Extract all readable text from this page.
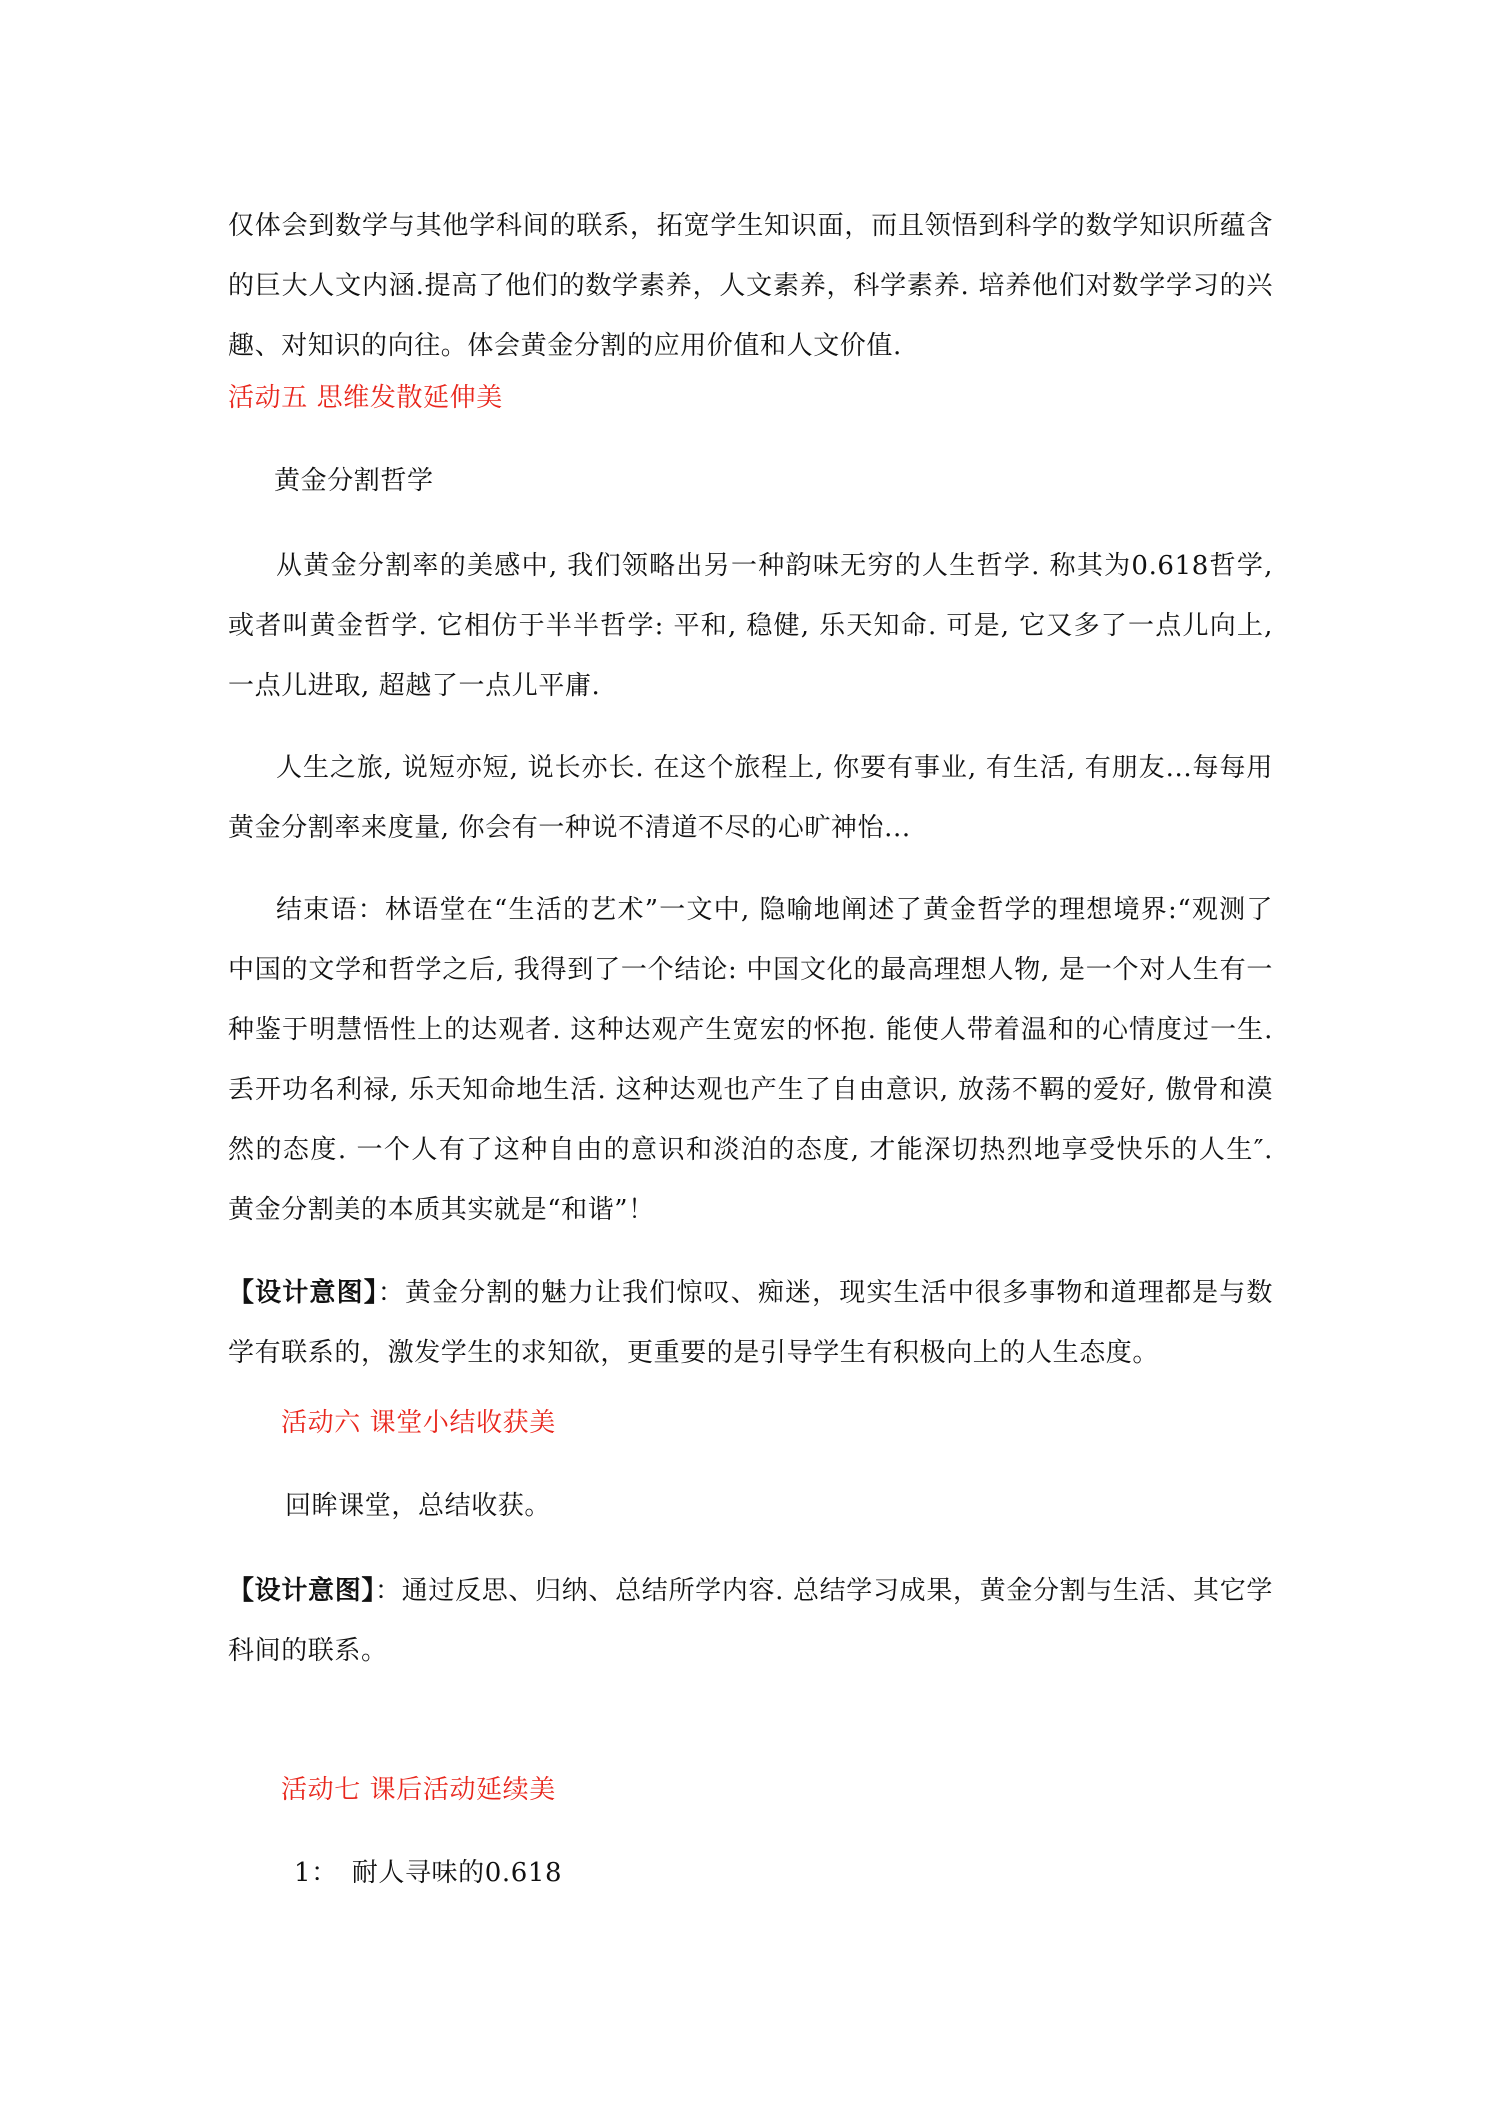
仅体会到数学与其他学科间的联系，拓宽学生知识面，而且领悟到科学的数学知识所蕴含的巨大人文内涵.提高了他们的数学素养，人文素养，科学素养. 培养他们对数学学习的兴趣、对知识的向往。体会黄金分割的应用价值和人文价值.

活动五 思维发散延伸美

黄金分割哲学

从黄金分割率的美感中, 我们领略出另一种韵味无穷的人生哲学. 称其为0.618哲学, 或者叫黄金哲学. 它相仿于半半哲学: 平和, 稳健, 乐天知命. 可是, 它又多了一点儿向上, 一点儿进取, 超越了一点儿平庸.

人生之旅, 说短亦短, 说长亦长. 在这个旅程上, 你要有事业, 有生活, 有朋友...每每用黄金分割率来度量, 你会有一种说不清道不尽的心旷神怡...

结束语：林语堂在“生活的艺术”一文中, 隐喻地阐述了黄金哲学的理想境界:“观测了中国的文学和哲学之后, 我得到了一个结论: 中国文化的最高理想人物, 是一个对人生有一种鉴于明慧悟性上的达观者. 这种达观产生宽宏的怀抱. 能使人带着温和的心情度过一生. 丢开功名利禄, 乐天知命地生活. 这种达观也产生了自由意识, 放荡不羁的爱好, 傲骨和漠然的态度. 一个人有了这种自由的意识和淡泊的态度, 才能深切热烈地享受快乐的人生″. 黄金分割美的本质其实就是“和谐”！

【设计意图】：黄金分割的魅力让我们惊叹、痴迷，现实生活中很多事物和道理都是与数学有联系的，激发学生的求知欲，更重要的是引导学生有积极向上的人生态度。

活动六 课堂小结收获美

回眸课堂，总结收获。

【设计意图】：通过反思、归纳、总结所学内容. 总结学习成果，黄金分割与生活、其它学科间的联系。

活动七 课后活动延续美

1： 耐人寻味的0.618
